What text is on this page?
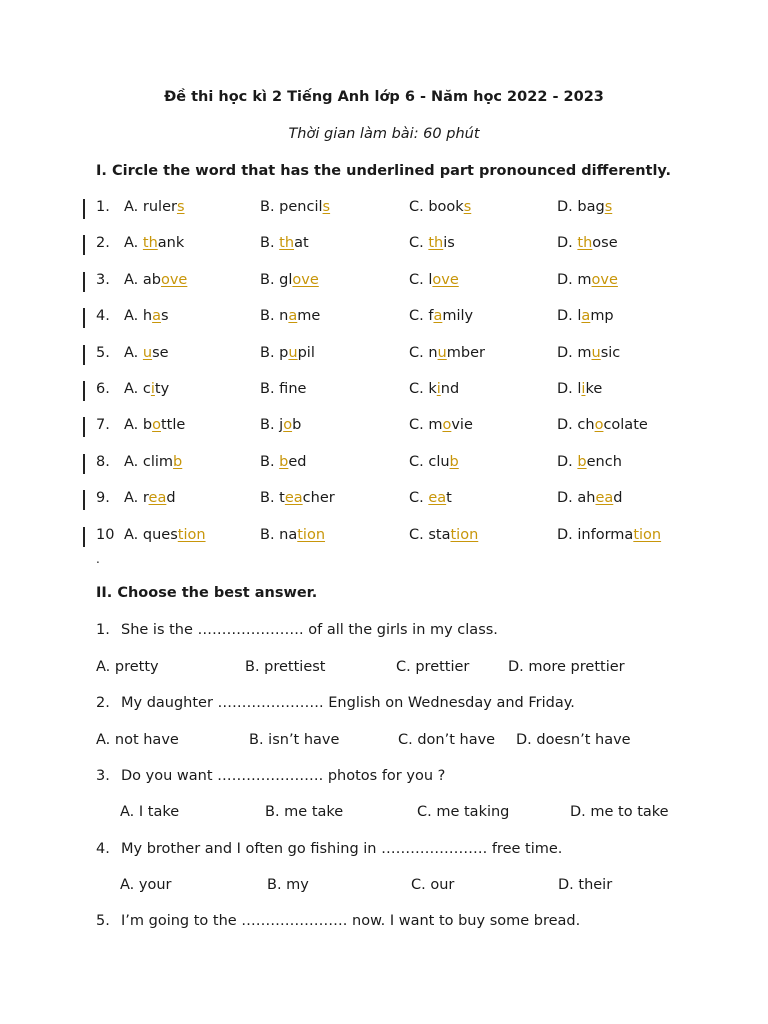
Đề thi học kì 2 Tiếng Anh lớp 6 - Năm học 2022 - 2023
Thời gian làm bài: 60 phút
I. Circle the word that has the underlined part pronounced differently.
1. A. rulers	B. pencils	C. books	D. bags
2. A. thank	B. that	C. this	D. those
3. A. above	B. glove	C. love	D. move
4. A. has	B. name	C. family	D. lamp
5. A. use	B. pupil	C. number	D. music
6. A. city	B. fne	C. kind	D. like
7. A. bottle	B. job	C. movie	D. chocolate
8. A. climb	B. bed	C. club	D. bench
9. A. read	B. teacher	C. eat	D. ahead
10 A. question	B. nation	C. station	D. information
.
II. Choose the best answer.
1. She is the …………………. of all the girls in my class.
A. pretty	B. prettiest	C. prettier	D. more prettier
2. My daughter …………………. English on Wednesday and Friday.
A. not have	B. isn’t have	C. don’t have D. doesn’t have
3. Do you want …………………. photos for you ?
A. I take	B. me take	C. me taking	D. me to take
4. My brother and I often go fishing in …………………. free time.
A. your	B. my	C. our	D. their
5. I’m going to the …………………. now. I want to buy some bread.
